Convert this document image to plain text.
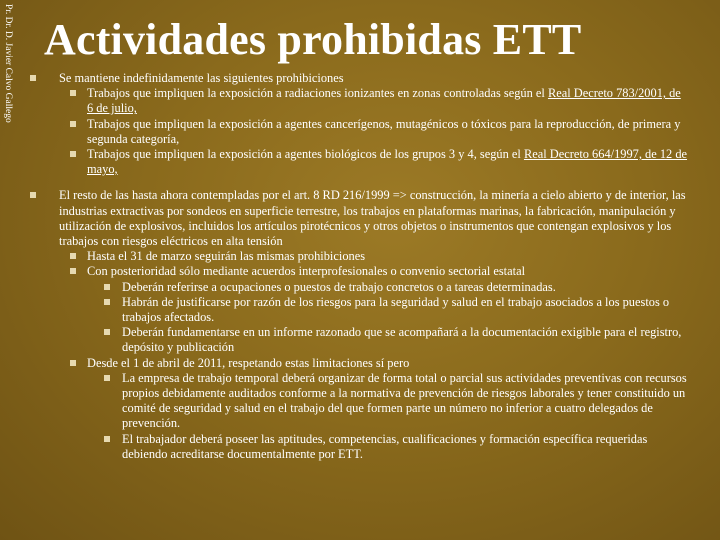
Pr. Dr. D. Javier Calvo Gallego Actividades prohibidas ETT
Se mantiene indefinidamente las siguientes prohibiciones
Trabajos que impliquen la exposición a radiaciones ionizantes en zonas controladas según el Real Decreto 783/2001, de 6 de julio,
Trabajos que impliquen la exposición a agentes cancerígenos, mutagénicos o tóxicos para la reproducción, de primera y segunda categoría,
Trabajos que impliquen la exposición a agentes biológicos de los grupos 3 y 4, según el Real Decreto 664/1997, de 12 de mayo,
El resto de las hasta ahora contempladas por el art. 8 RD 216/1999 => construcción, la minería a cielo abierto y de interior, las industrias extractivas por sondeos en superficie terrestre, los trabajos en plataformas marinas, la fabricación, manipulación y utilización de explosivos, incluidos los artículos pirotécnicos y otros objetos o instrumentos que contengan explosivos y los trabajos con riesgos eléctricos en alta tensión
Hasta el 31 de marzo seguirán las mismas prohibiciones
Con posterioridad sólo mediante acuerdos interprofesionales o convenio sectorial estatal
Deberán referirse a ocupaciones o puestos de trabajo concretos o a tareas determinadas.
Habrán de justificarse por razón de los riesgos para la seguridad y salud en el trabajo asociados a los puestos o trabajos afectados.
Deberán fundamentarse en un informe razonado que se acompañará a la documentación exigible para el registro, depósito y publicación
Desde el 1 de abril de 2011, respetando estas limitaciones sí pero
La empresa de trabajo temporal deberá organizar de forma total o parcial sus actividades preventivas con recursos propios debidamente auditados conforme a la normativa de prevención de riesgos laborales y tener constituido un comité de seguridad y salud en el trabajo del que formen parte un número no inferior a cuatro delegados de prevención.
El trabajador deberá poseer las aptitudes, competencias, cualificaciones y formación específica requeridas debiendo acreditarse documentalmente por ETT.
